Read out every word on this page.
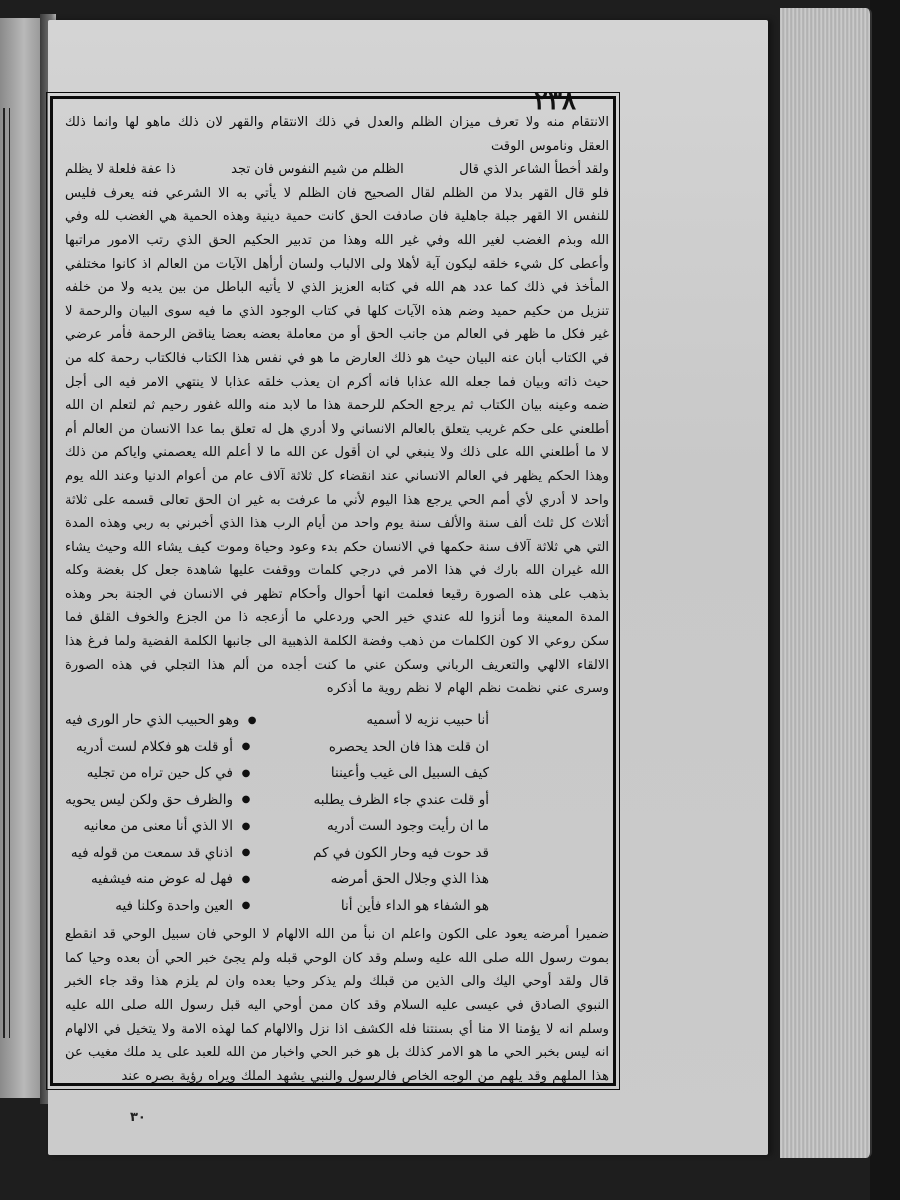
٢٣٨

الانتقام منه ولا تعرف ميزان الظلم والعدل في ذلك الانتقام والقهر لان ذلك ماهو لها وانما ذلك العقل وناموس الوقت

ولقد أخطأ الشاعر الذي قال
الظلم من شيم النفوس فان تجد
ذا عفة فلعلة لا يظلم

فلو قال القهر بدلا من الظلم لقال الصحيح فان الظلم لا يأتي به الا الشرعي فنه يعرف فليس للنفس الا القهر جبلة جاهلية فان صادفت الحق كانت حمية دينية وهذه الحمية هي الغضب لله وفي الله وبذم الغضب لغير الله وفي غير الله وهذا من تدبير الحكيم الحق الذي رتب الامور مراتبها وأعطى كل شيء خلقه ليكون آية لأهلا ولى الالباب ولسان أرأهل الآيات من العالم اذ كانوا مختلفي المأخذ في ذلك كما عدد هم الله في كتابه العزيز الذي لا يأتيه الباطل من بين يديه ولا من خلفه تنزيل من حكيم حميد وضم هذه الآيات كلها في كتاب الوجود الذي ما فيه سوى البيان والرحمة لا غير فكل ما ظهر في العالم من جانب الحق أو من معاملة بعضه بعضا يناقض الرحمة فأمر عرضي في الكتاب أبان عنه البيان حيث هو ذلك العارض ما هو في نفس هذا الكتاب فالكتاب رحمة كله من حيث ذاته وبيان فما جعله الله عذابا فانه أكرم ان يعذب خلقه عذابا لا ينتهي الامر فيه الى أجل ضمه وعينه بيان الكتاب ثم يرجع الحكم للرحمة هذا ما لابد منه والله غفور رحيم ثم لتعلم ان الله أطلعني على حكم غريب يتعلق بالعالم الانساني ولا أدري هل له تعلق بما عدا الانسان من العالم أم لا ما أطلعني الله على ذلك ولا ينبغي لي ان أقول عن الله ما لا أعلم الله يعصمني واياكم من ذلك وهذا الحكم يظهر في العالم الانساني عند انقضاء كل ثلاثة آلاف عام من أعوام الدنيا وعند الله يوم واحد لا أدري لأي أمم الحي يرجع هذا اليوم لأني ما عرفت به غير ان الحق تعالى قسمه على ثلاثة أثلاث كل ثلث ألف سنة والألف سنة يوم واحد من أيام الرب هذا الذي أخبرني به ربي وهذه المدة التي هي ثلاثة آلاف سنة حكمها في الانسان حكم بدء وعود وحياة وموت كيف يشاء الله وحيث يشاء الله غيران الله بارك في هذا الامر في درجي كلمات ووقفت عليها شاهدة جعل كل بغضة وكله بذهب على هذه الصورة رقيعا فعلمت انها أحوال وأحكام تظهر في الانسان في الجنة بحر وهذه المدة المعينة وما أنزوا لله عندي خير الحي وردعلي ما أزعجه ذا من الجزع والخوف القلق فما سكن روعي الا كون الكلمات من ذهب وفضة الكلمة الذهبية الى جانبها الكلمة الفضية ولما فرغ هذا الالقاء الالهي والتعريف الرباني وسكن عني ما كنت أجده من ألم هذا التجلي في هذه الصورة وسرى عني نظمت نظم الهام لا نظم روية ما أذكره

أنا حبيب نزيه لا أسميه
●
وهو الحبيب الذي حار الورى فيه
ان قلت هذا فان الحد يحصره
●
أو قلت هو فكلام لست أدريه
كيف السبيل الى غيب وأعيننا
●
في كل حين تراه من تجليه
أو قلت عندي جاء الظرف يطلبه
●
والظرف حق ولكن ليس يحويه
ما ان رأيت وجود الست أدريه
●
الا الذي أنا معنى من معانيه
قد حوت فيه وحار الكون في كم
●
اذناي قد سمعت من قوله فيه
هذا الذي وجلال الحق أمرضه
●
فهل له عوض منه فيشفيه
هو الشفاء هو الداء فأين أنا
●
العين واحدة وكلنا فيه

ضميرا أمرضه يعود على الكون واعلم ان نبأ من الله الالهام لا الوحي فان سبيل الوحي قد انقطع بموت رسول الله صلى الله عليه وسلم وقد كان الوحي قبله ولم يجئ خبر الحي أن بعده وحيا كما قال ولقد أوحي اليك والى الذين من قبلك ولم يذكر وحيا بعده وان لم يلزم هذا وقد جاء الخبر النبوي الصادق في عيسى عليه السلام وقد كان ممن أوحي اليه قبل رسول الله صلى الله عليه وسلم انه لا يؤمنا الا منا أي بسنتنا فله الكشف اذا نزل والالهام كما لهذه الامة ولا يتخيل في الالهام انه ليس بخبر الحي ما هو الامر كذلك بل هو خبر الحي واخبار من الله للعبد على يد ملك مغيب عن هذا الملهم وقد يلهم من الوجه الخاص فالرسول والنبي يشهد الملك ويراه رؤية بصره عند

٣٠
